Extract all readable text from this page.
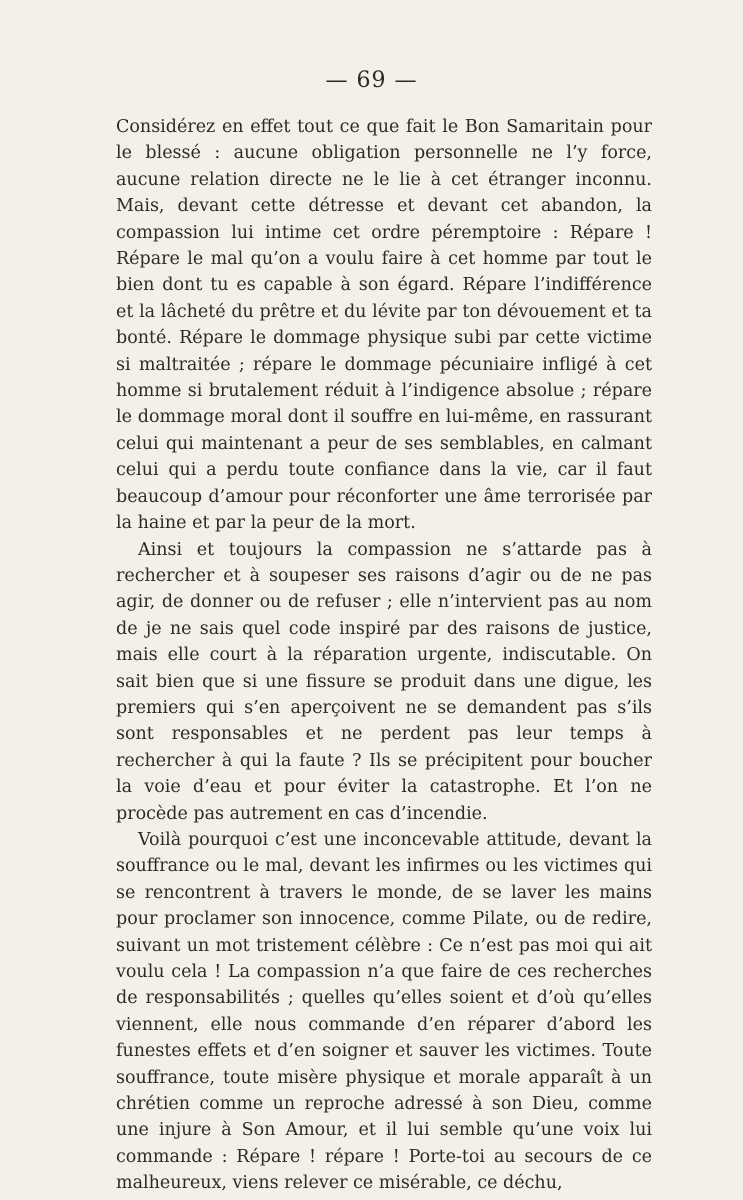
— 69 —

Considérez en effet tout ce que fait le Bon Samaritain pour le blessé : aucune obligation personnelle ne l’y force, aucune relation directe ne le lie à cet étranger inconnu. Mais, devant cette détresse et devant cet abandon, la compassion lui intime cet ordre péremptoire : Répare ! Répare le mal qu’on a voulu faire à cet homme par tout le bien dont tu es capable à son égard. Répare l’indifférence et la lâcheté du prêtre et du lévite par ton dévouement et ta bonté. Répare le dommage physique subi par cette victime si maltraitée ; répare le dommage pécuniaire infligé à cet homme si brutalement réduit à l’indigence absolue ; répare le dommage moral dont il souffre en lui-même, en rassurant celui qui maintenant a peur de ses semblables, en calmant celui qui a perdu toute confiance dans la vie, car il faut beaucoup d’amour pour réconforter une âme terrorisée par la haine et par la peur de la mort.

Ainsi et toujours la compassion ne s’attarde pas à rechercher et à soupeser ses raisons d’agir ou de ne pas agir, de donner ou de refuser ; elle n’intervient pas au nom de je ne sais quel code inspiré par des raisons de justice, mais elle court à la réparation urgente, indiscutable. On sait bien que si une fissure se produit dans une digue, les premiers qui s’en aperçoivent ne se demandent pas s’ils sont responsables et ne perdent pas leur temps à rechercher à qui la faute ? Ils se précipitent pour boucher la voie d’eau et pour éviter la catastrophe. Et l’on ne procède pas autrement en cas d’incendie.

Voilà pourquoi c’est une inconcevable attitude, devant la souffrance ou le mal, devant les infirmes ou les victimes qui se rencontrent à travers le monde, de se laver les mains pour proclamer son innocence, comme Pilate, ou de redire, suivant un mot tristement célèbre : Ce n’est pas moi qui ait voulu cela ! La compassion n’a que faire de ces recherches de responsabilités ; quelles qu’elles soient et d’où qu’elles viennent, elle nous commande d’en réparer d’abord les funestes effets et d’en soigner et sauver les victimes. Toute souffrance, toute misère physique et morale apparaît à un chrétien comme un reproche adressé à son Dieu, comme une injure à Son Amour, et il lui semble qu’une voix lui commande : Répare ! répare ! Porte-toi au secours de ce malheureux, viens relever ce misérable, ce déchu,
